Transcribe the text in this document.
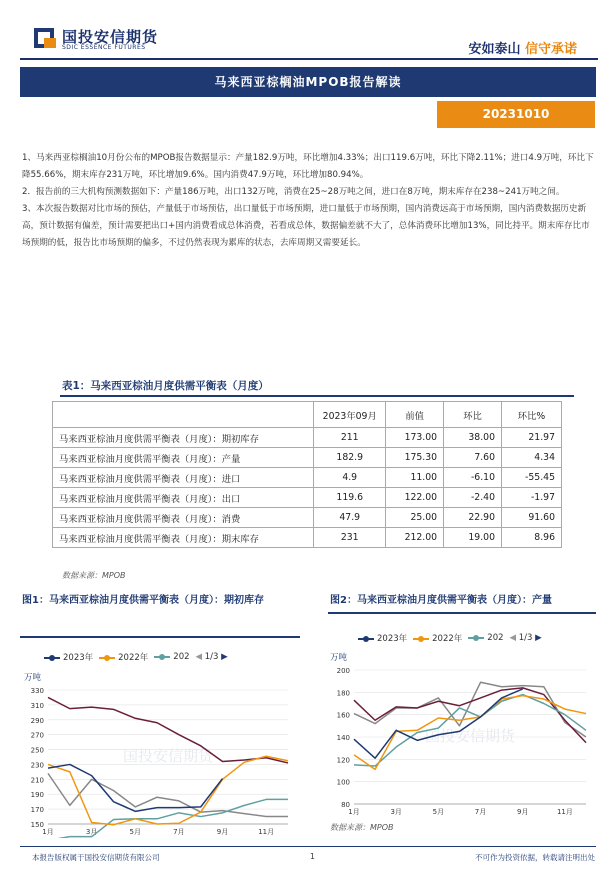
国投安信期货
SDIC ESSENCE FUTURES	安如泰山 信守承诺
马来西亚棕榈油MPOB报告解读
20231010

1、马来西亚棕榈油10月份公布的MPOB报告数据显示：产量182.9万吨，环比增加4.33%；出口119.6万吨，环比下降2.11%；进口4.9万吨，环比下降55.66%，期末库存231万吨，环比增加9.6%。国内消费47.9万吨，环比增加80.94%。

2．报告前的三大机构预测数据如下：产量186万吨，出口132万吨，消费在25~28万吨之间，进口在8万吨，期末库存在238~241万吨之间。

3、本次报告数据对比市场的预估，产量低于市场预估，出口量低于市场预期，进口量低于市场预期，国内消费远高于市场预期，国内消费数据历史新高，预计数据有偏差，预计需要把出口+国内消费看成总体消费，若看成总体，数据偏差就不大了，总体消费环比增加13%，同比持平。期末库存比市场预期的低，报告比市场预期的偏多，不过仍然表现为累库的状态，去库周期又需要延长。

表1：马来西亚棕油月度供需平衡表（月度）
	2023年09月	前值	环比	环比%
马来西亚棕油月度供需平衡表（月度）：期初库存	211	173.00	38.00	21.97
马来西亚棕油月度供需平衡表（月度）：产量	182.9	175.30	7.60	4.34
马来西亚棕油月度供需平衡表（月度）：进口	4.9	11.00	-6.10	-55.45
马来西亚棕油月度供需平衡表（月度）：出口	119.6	122.00	-2.40	-1.97
马来西亚棕油月度供需平衡表（月度）：消费	47.9	25.00	22.90	91.60
马来西亚棕油月度供需平衡表（月度）：期末库存	231	212.00	19.00	8.96
数据来源：MPOB
图1：马来西亚棕油月度供需平衡表（月度）：期初库存
2023年	2022年	202 ◀ 1/3 ▶
万吨
国投安信期货
330
310
290
270
250
230
210
190
170
150
1月	3月	5月	7月	9月	11月
图2：马来西亚棕油月度供需平衡表（月度）：产量
2023年	2022年	202 ◀ 1/3 ▶
万吨
国投安信期货
200
180
160
140
120
100
80
1月	3月	5月	7月	9月	11月
数据来源：MPOB
本报告版权属于国投安信期货有限公司	1	不可作为投资依据，转载请注明出处
